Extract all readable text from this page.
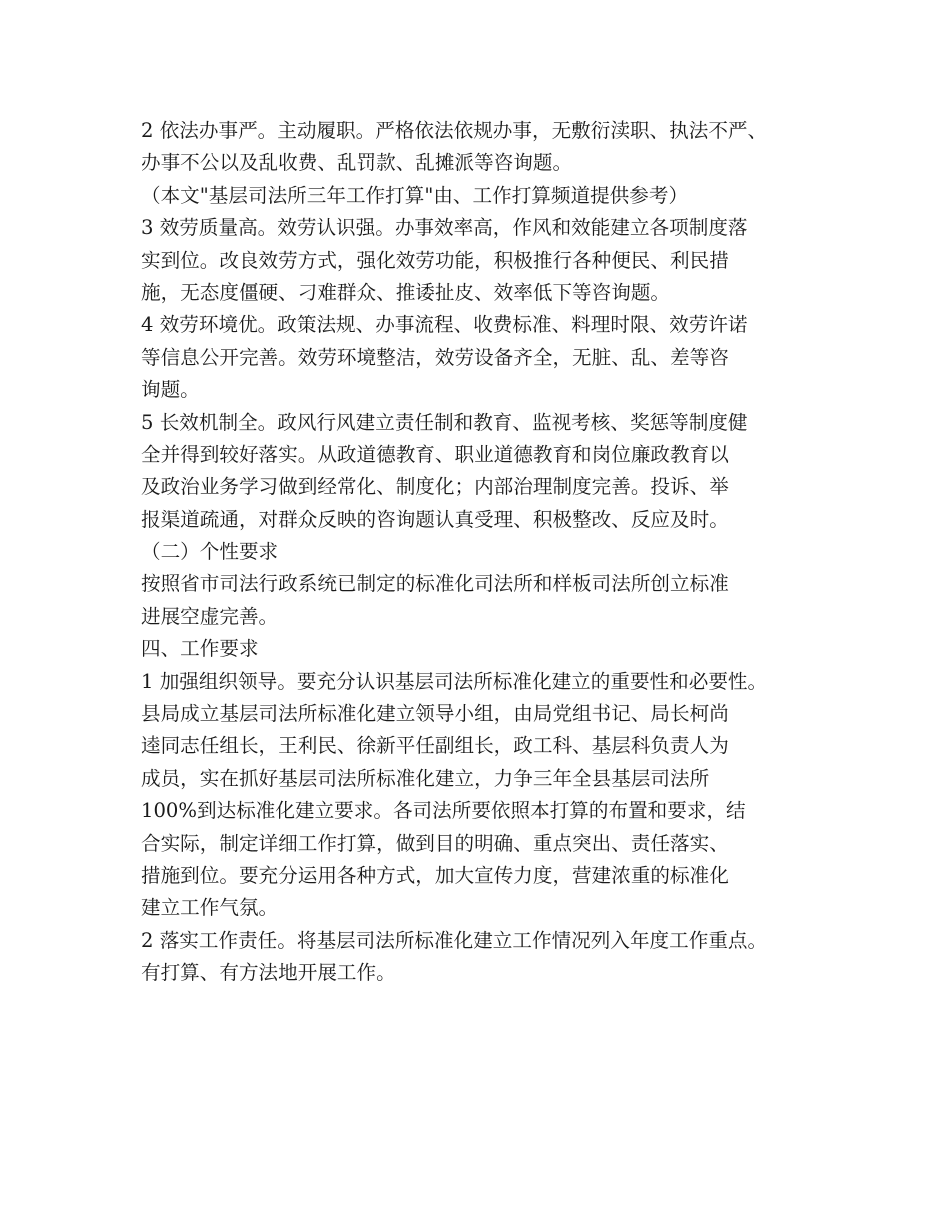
2 依法办事严。主动履职。严格依法依规办事，无敷衍渎职、执法不严、
办事不公以及乱收费、乱罚款、乱摊派等咨询题。
（本文"基层司法所三年工作打算"由、工作打算频道提供参考）
3 效劳质量高。效劳认识强。办事效率高，作风和效能建立各项制度落
实到位。改良效劳方式，强化效劳功能，积极推行各种便民、利民措
施，无态度僵硬、刁难群众、推诿扯皮、效率低下等咨询题。
4 效劳环境优。政策法规、办事流程、收费标准、料理时限、效劳许诺
等信息公开完善。效劳环境整洁，效劳设备齐全，无脏、乱、差等咨
询题。
5 长效机制全。政风行风建立责任制和教育、监视考核、奖惩等制度健
全并得到较好落实。从政道德教育、职业道德教育和岗位廉政教育以
及政治业务学习做到经常化、制度化；内部治理制度完善。投诉、举
报渠道疏通，对群众反映的咨询题认真受理、积极整改、反应及时。
（二）个性要求
按照省市司法行政系统已制定的标准化司法所和样板司法所创立标准
进展空虚完善。
四、工作要求
1 加强组织领导。要充分认识基层司法所标准化建立的重要性和必要性。
县局成立基层司法所标准化建立领导小组，由局党组书记、局长柯尚
逵同志任组长，王利民、徐新平任副组长，政工科、基层科负责人为
成员，实在抓好基层司法所标准化建立，力争三年全县基层司法所
100%到达标准化建立要求。各司法所要依照本打算的布置和要求，结
合实际，制定详细工作打算，做到目的明确、重点突出、责任落实、
措施到位。要充分运用各种方式，加大宣传力度，营建浓重的标准化
建立工作气氛。
2 落实工作责任。将基层司法所标准化建立工作情况列入年度工作重点。
有打算、有方法地开展工作。
